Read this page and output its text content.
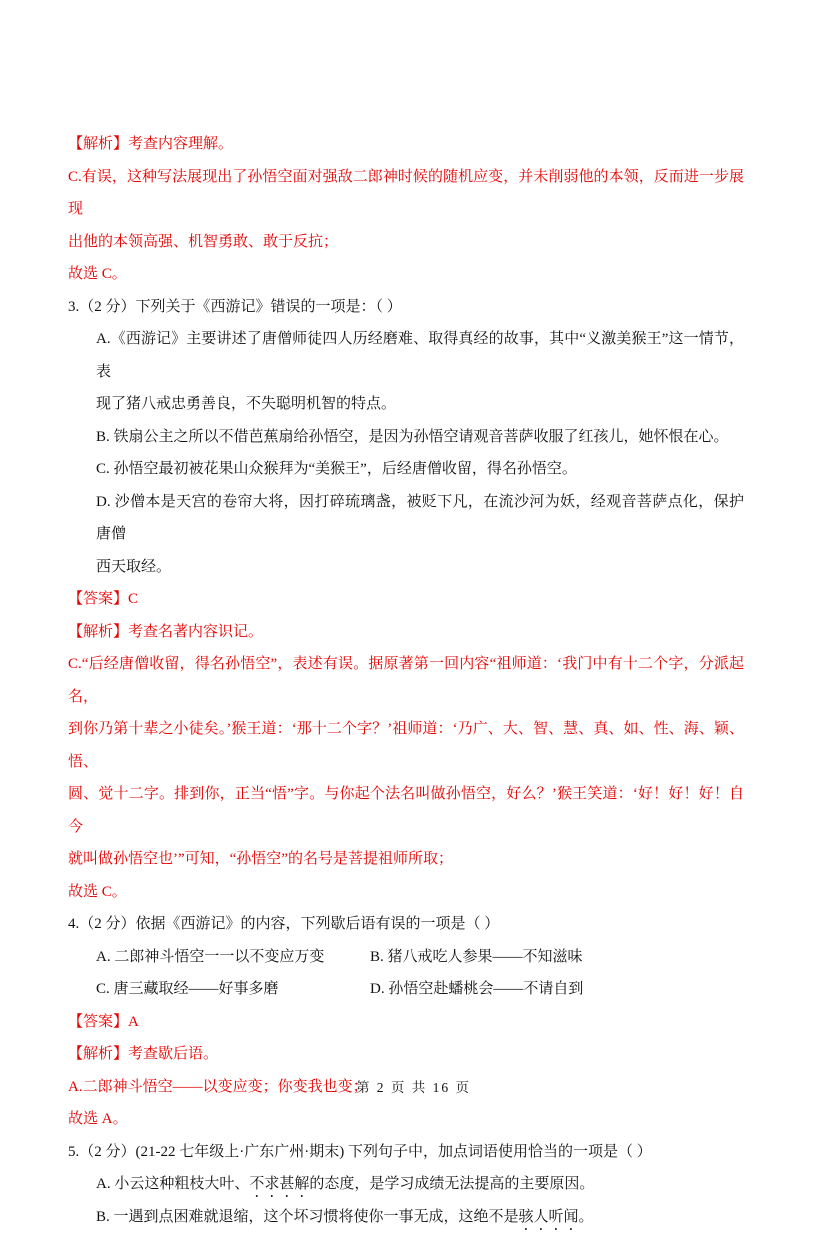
【解析】考查内容理解。
C.有误，这种写法展现出了孙悟空面对强敌二郎神时候的随机应变，并未削弱他的本领，反而进一步展现
出他的本领高强、机智勇敢、敢于反抗；
故选 C。
3.（2 分）下列关于《西游记》错误的一项是：（ ）
A.《西游记》主要讲述了唐僧师徒四人历经磨难、取得真经的故事，其中“义激美猴王”这一情节，表
现了猪八戒忠勇善良，不失聪明机智的特点。
B. 铁扇公主之所以不借芭蕉扇给孙悟空，是因为孙悟空请观音菩萨收服了红孩儿，她怀恨在心。
C. 孙悟空最初被花果山众猴拜为“美猴王”，后经唐僧收留，得名孙悟空。
D. 沙僧本是天宫的卷帘大将，因打碎琉璃盏，被贬下凡，在流沙河为妖，经观音菩萨点化，保护唐僧
西天取经。
【答案】C
【解析】考查名著内容识记。
C.“后经唐僧收留，得名孙悟空”，表述有误。据原著第一回内容“祖师道：‘我门中有十二个字，分派起名，
到你乃第十辈之小徒矣。’猴王道：‘那十二个字？’祖师道：‘乃广、大、智、慧、真、如、性、海、颖、悟、
圆、觉十二字。排到你，正当“悟”字。与你起个法名叫做孙悟空，好么？’猴王笑道：‘好！好！好！自今
就叫做孙悟空也’”可知，“孙悟空”的名号是菩提祖师所取；
故选 C。
4.（2 分）依据《西游记》的内容，下列歇后语有误的一项是（ ）
A. 二郎神斗悟空一一以不变应万变	B. 猪八戒吃人参果——不知滋味
C. 唐三藏取经——好事多磨	D. 孙悟空赴蟠桃会——不请自到
【答案】A
【解析】考查歇后语。
A.二郎神斗悟空——以变应变；你变我也变；
故选 A。
5.（2 分）(21-22 七年级上·广东广州·期末) 下列句子中，加点词语使用恰当的一项是（ ）
A. 小云这种粗枝大叶、不求甚解的态度，是学习成绩无法提高的主要原因。
B. 一遇到点困难就退缩，这个坏习惯将使你一事无成，这绝不是骇人听闻。
第 2 页 共 16 页
